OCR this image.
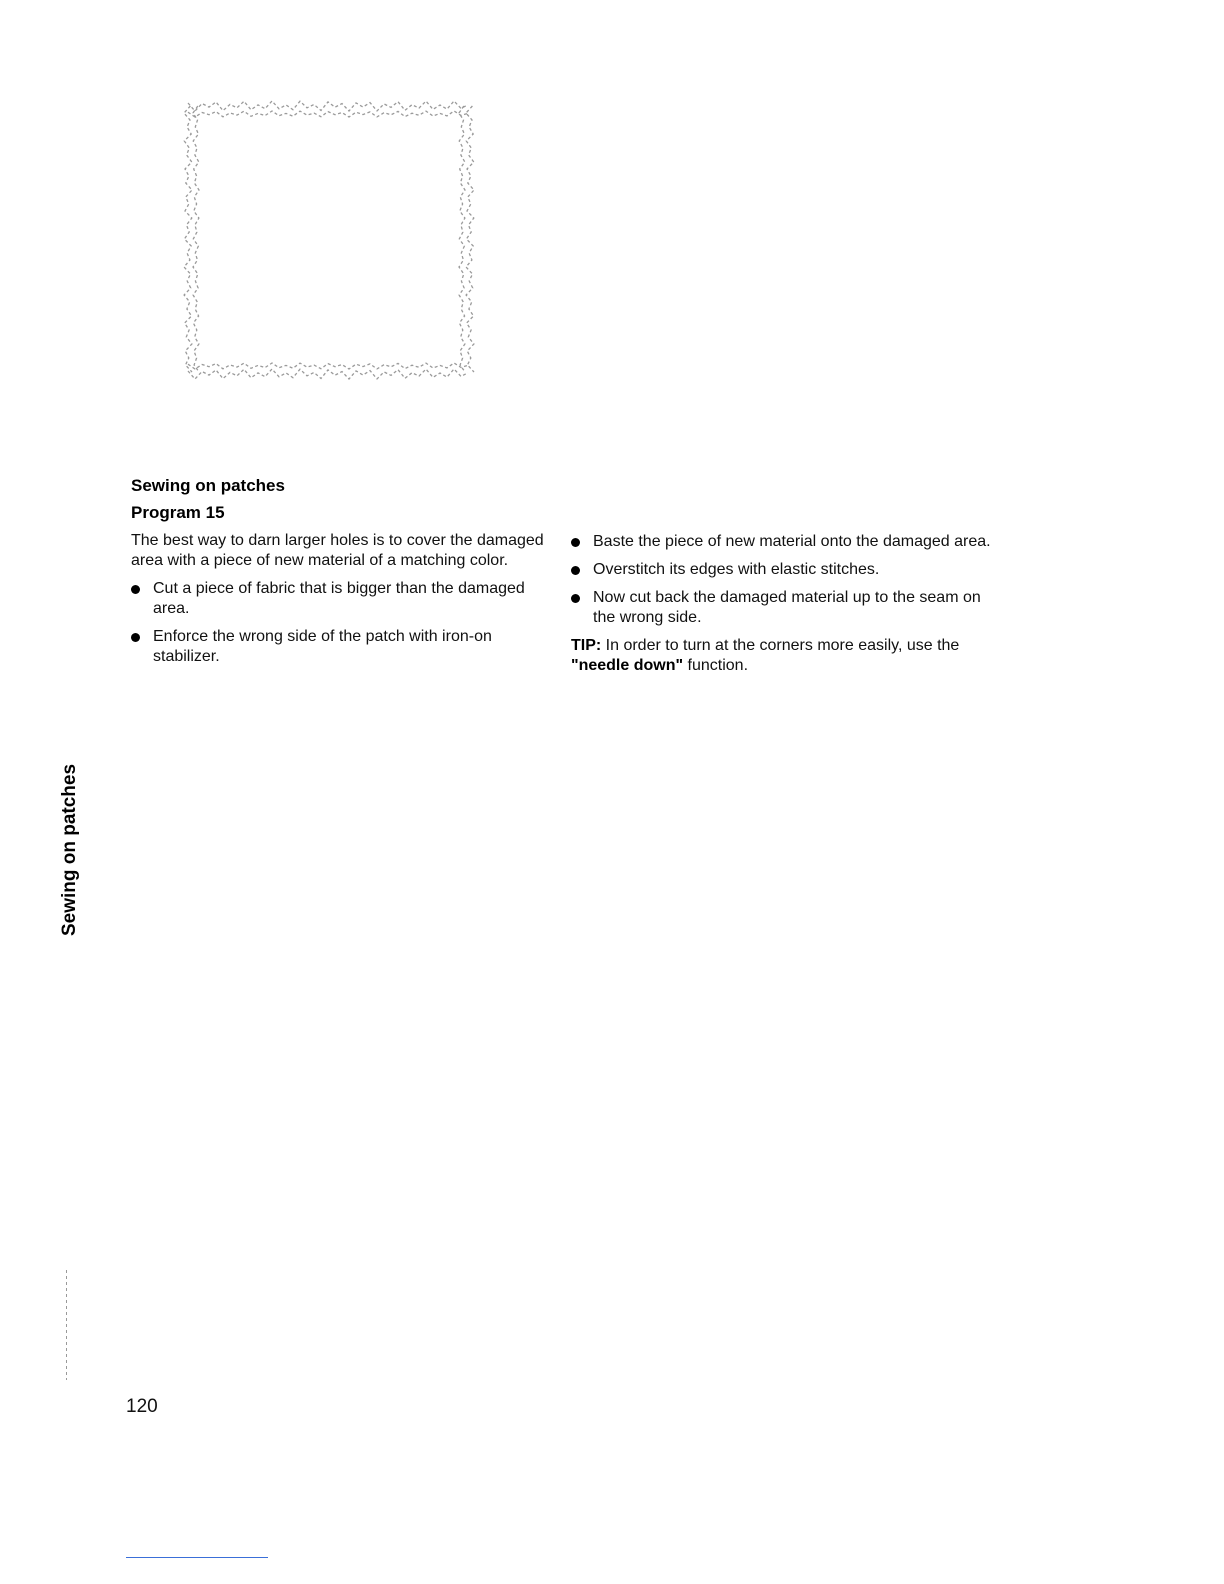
Sewing on patches
Program 15

The best way to darn larger holes is to cover the damaged area with a piece of new material of a matching color.

Cut a piece of fabric that is bigger than the damaged area.
Enforce the wrong side of the patch with iron-on stabilizer.
Baste the piece of new material onto the damaged area.
Overstitch its edges with elastic stitches.
Now cut back the damaged material up to the seam on the wrong side.

TIP: In order to turn at the corners more easily, use the "needle down" function.

Sewing on patches
120
